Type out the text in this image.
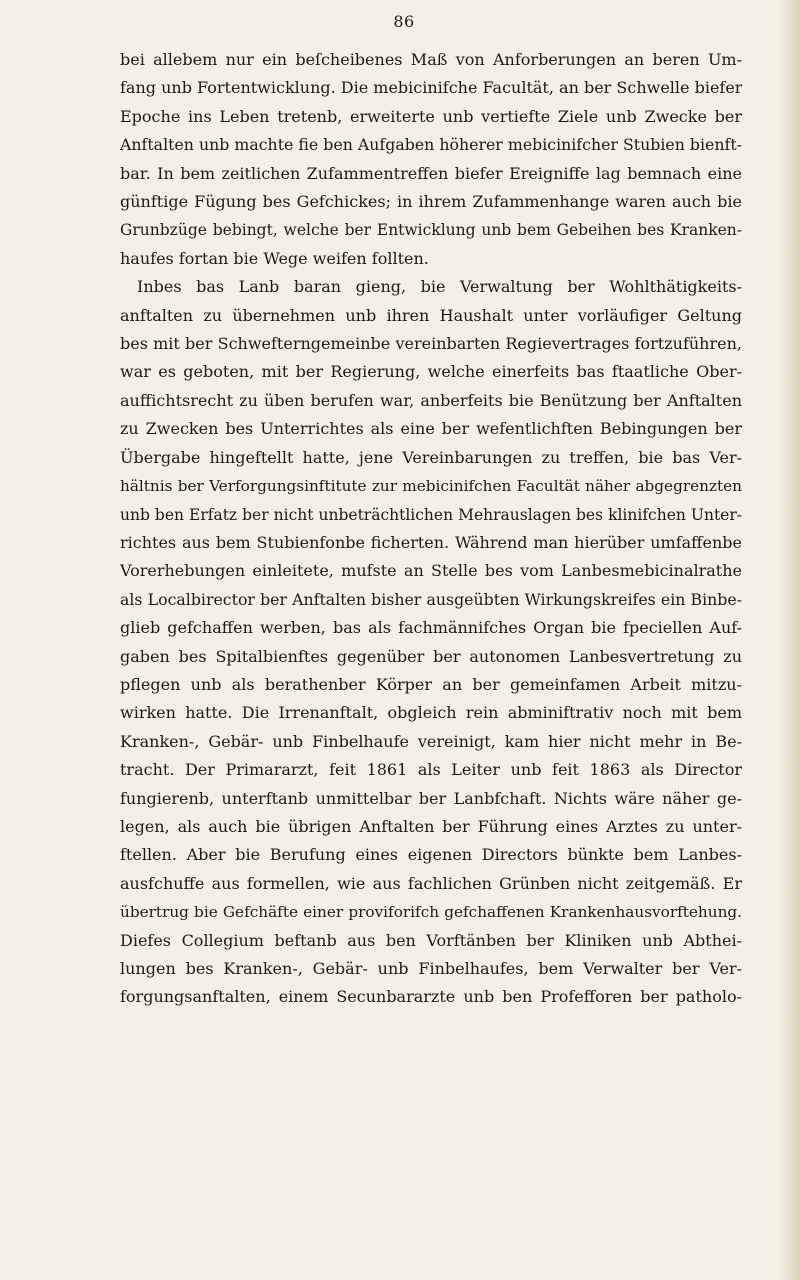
86
bei allebem nur ein beſcheibenes Maß von Anforberungen an beren Um-
fang unb Fortentwicklung. Die mebicinifche Facultät, an ber Schwelle biefer
Epoche ins Leben tretenb, erweiterte unb vertiefte Ziele unb Zwecke ber
Anftalten unb machte fie ben Aufgaben höherer mebicinifcher Stubien bienft-
bar. In bem zeitlichen Zufammentreffen biefer Ereigniffe lag bemnach eine
günftige Fügung bes Gefchickes; in ihrem Zufammenhange waren auch bie
Grunbzüge bebingt, welche ber Entwicklung unb bem Gebeihen bes Kranken-
haufes fortan bie Wege weifen follten.
Inbes bas Lanb baran gieng, bie Verwaltung ber Wohlthätigkeits-
anftalten zu übernehmen unb ihren Haushalt unter vorläufiger Geltung
bes mit ber Schwefterngemeinbe vereinbarten Regievertrages fortzuführen,
war es geboten, mit ber Regierung, welche einerfeits bas ftaatliche Ober-
auffichtsrecht zu üben berufen war, anberfeits bie Benützung ber Anftalten
zu Zwecken bes Unterrichtes als eine ber wefentlichften Bebingungen ber
Übergabe hingeftellt hatte, jene Vereinbarungen zu treffen, bie bas Ver-
hältnis ber Verforgungsinftitute zur mebicinifchen Facultät näher abgegrenzten
unb ben Erfatz ber nicht unbeträchtlichen Mehrauslagen bes klinifchen Unter-
richtes aus bem Stubienfonbe ficherten. Während man hierüber umfaffenbe
Vorerhebungen einleitete, mufste an Stelle bes vom Lanbesmebicinalrathe
als Localbirector ber Anftalten bisher ausgeübten Wirkungskreifes ein Binbe-
glieb gefchaffen werben, bas als fachmännifches Organ bie fpeciellen Auf-
gaben bes Spitalbienftes gegenüber ber autonomen Lanbesvertretung zu
pflegen unb als berathenber Körper an ber gemeinfamen Arbeit mitzu-
wirken hatte. Die Irrenanftalt, obgleich rein abminiftrativ noch mit bem
Kranken-, Gebär- unb Finbelhaufe vereinigt, kam hier nicht mehr in Be-
tracht. Der Primararzt, feit 1861 als Leiter unb feit 1863 als Director
fungierenb, unterftanb unmittelbar ber Lanbfchaft. Nichts wäre näher ge-
legen, als auch bie übrigen Anftalten ber Führung eines Arztes zu unter-
ftellen. Aber bie Berufung eines eigenen Directors bünkte bem Lanbes-
ausfchuffe aus formellen, wie aus fachlichen Grünben nicht zeitgemäß. Er
übertrug bie Gefchäfte einer proviforifch gefchaffenen Krankenhausvorftehung.
Diefes Collegium beftanb aus ben Vorftänben ber Kliniken unb Abthei-
lungen bes Kranken-, Gebär- unb Finbelhaufes, bem Verwalter ber Ver-
forgungsanftalten, einem Secunbararzte unb ben Profefforen ber patholo-
